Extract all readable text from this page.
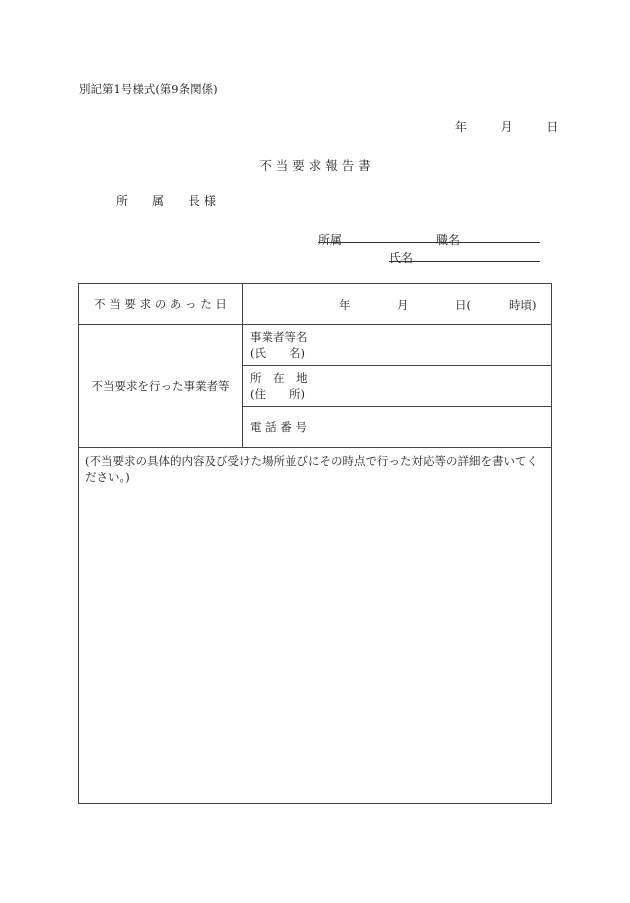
別記第1号様式(第9条関係)
年	月	日
不 当 要 求 報 告 書
所　　属　　長 様
所属	職名
氏名
不 当 要 求 の あ っ た 日	年 月 日( 時頃)

不当要求を行った事業者等	事業者等名
(氏　　名)

	所　在　地
(住　　所)

	電 話 番 号
(不当要求の具体的内容及び受けた場所並びにその時点で行った対応等の詳細を書いてください。)	
